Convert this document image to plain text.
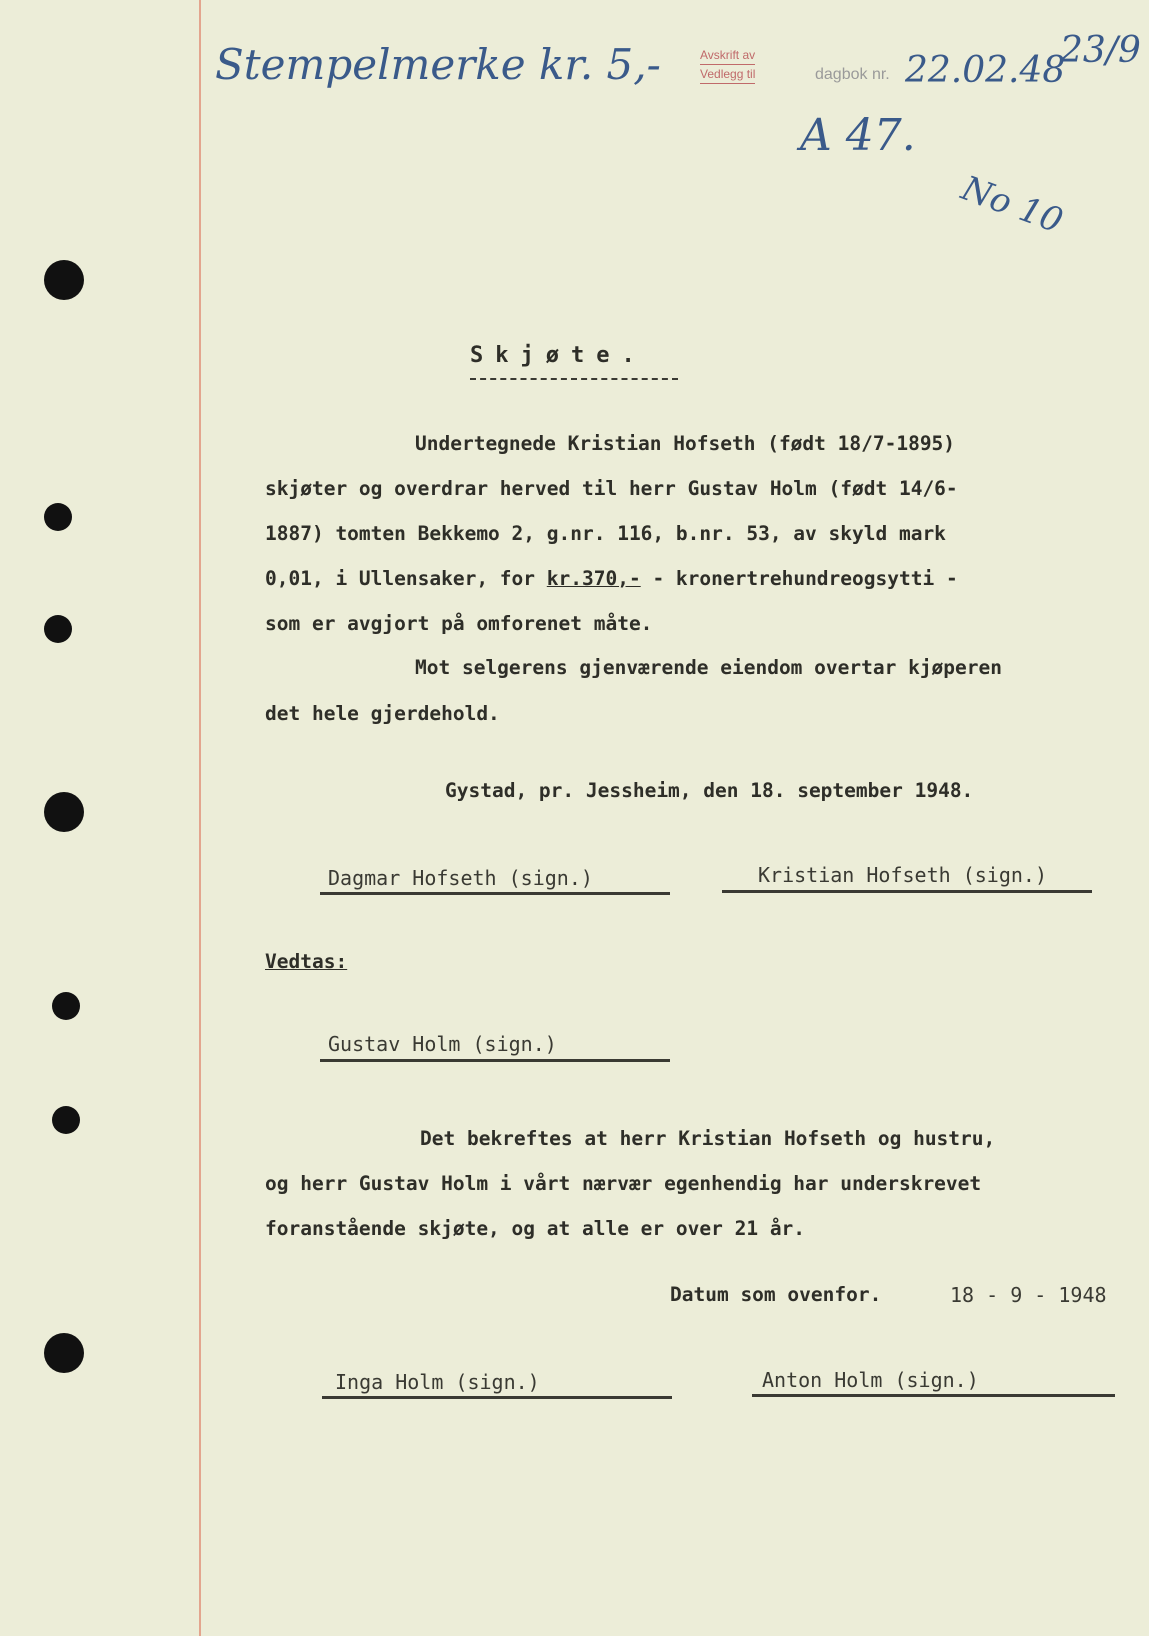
Stempelmerke kr. 5,-	Avskrift av
Vedlegg til	dagbok nr. 22.02.48
23/9
A 47.
No 10
Skjøte.
Undertegnede Kristian Hofseth (født 18/7-1895)
skjøter og overdrar herved til herr Gustav Holm (født 14/6-
1887) tomten Bekkemo 2, g.nr. 116, b.nr. 53, av skyld mark
0,01, i Ullensaker, for kr.370,- - kronertrehundreogsytti -
som er avgjort på omforenet måte.
Mot selgerens gjenværende eiendom overtar kjøperen
det hele gjerdehold.
Gystad, pr. Jessheim, den 18. september 1948.
Dagmar Hofseth (sign.)	Kristian Hofseth (sign.)
Vedtas:
Gustav Holm (sign.)
Det bekreftes at herr Kristian Hofseth og hustru,
og herr Gustav Holm i vårt nærvær egenhendig har underskrevet
foranstående skjøte, og at alle er over 21 år.
Datum som ovenfor.	18 - 9 - 1948
Inga Holm (sign.)	Anton Holm (sign.)
